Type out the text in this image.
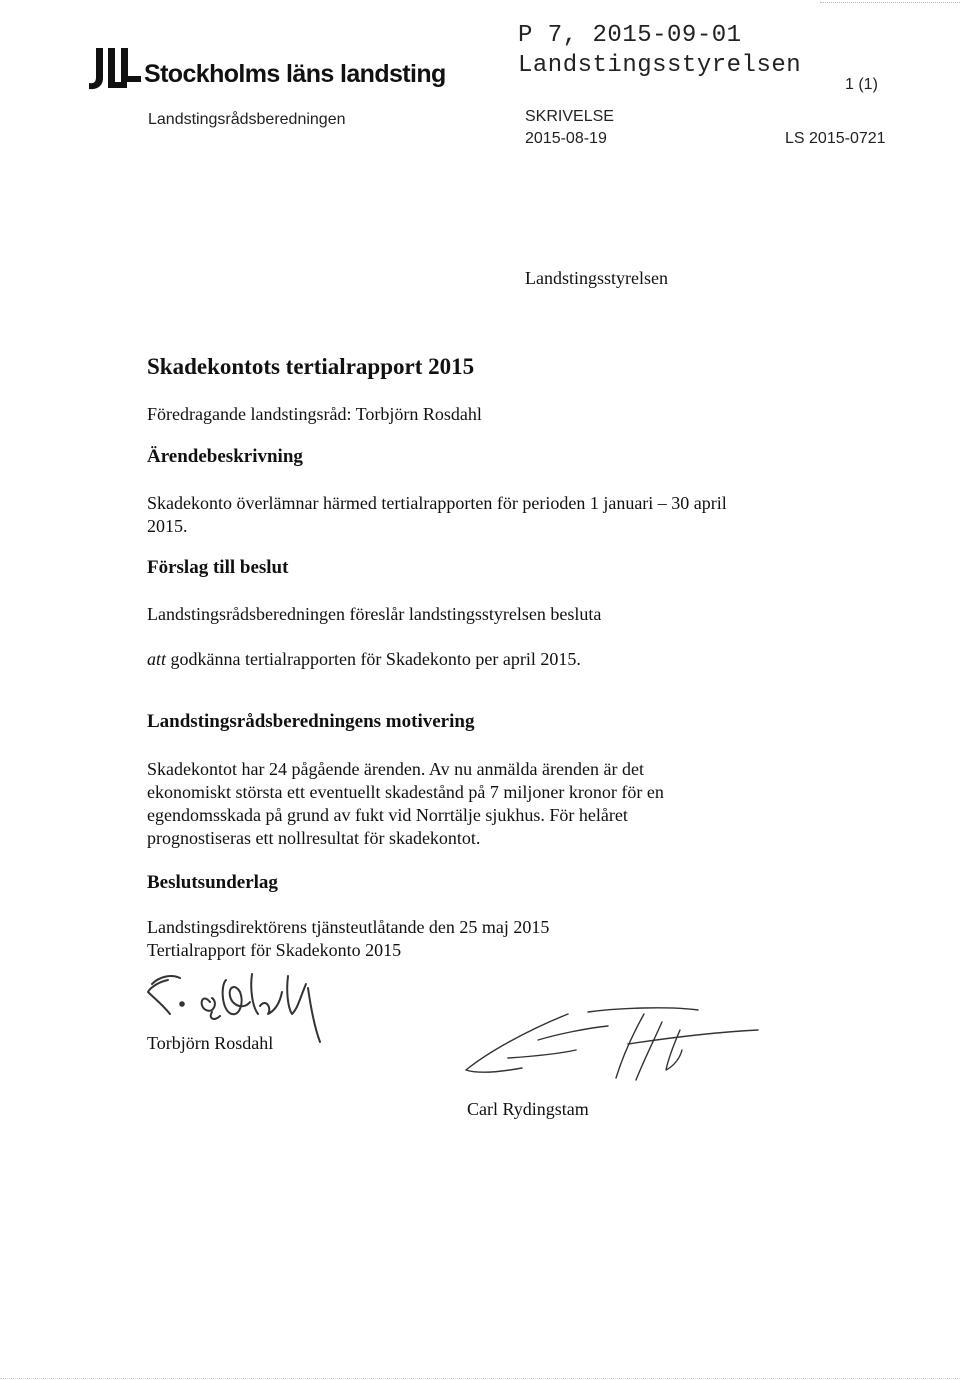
Stockholms läns landsting
P 7, 2015-09-01
Landstingsstyrelsen
Landstingsrådsberedningen
1 (1)
SKRIVELSE
2015-08-19	LS 2015-0721
Landstingsstyrelsen
Skadekontots tertialrapport 2015
Föredragande landstingsråd: Torbjörn Rosdahl
Ärendebeskrivning
Skadekonto överlämnar härmed tertialrapporten för perioden 1 januari – 30 april 2015.
Förslag till beslut
Landstingsrådsberedningen föreslår landstingsstyrelsen besluta
att godkänna tertialrapporten för Skadekonto per april 2015.
Landstingsrådsberedningens motivering
Skadekontot har 24 pågående ärenden. Av nu anmälda ärenden är det ekonomiskt största ett eventuellt skadestånd på 7 miljoner kronor för en egendomsskada på grund av fukt vid Norrtälje sjukhus. För helåret prognostiseras ett nollresultat för skadekontot.
Beslutsunderlag
Landstingsdirektörens tjänsteutlåtande den 25 maj 2015
Tertialrapport för Skadekonto 2015
Torbjörn Rosdahl
Carl Rydingstam
